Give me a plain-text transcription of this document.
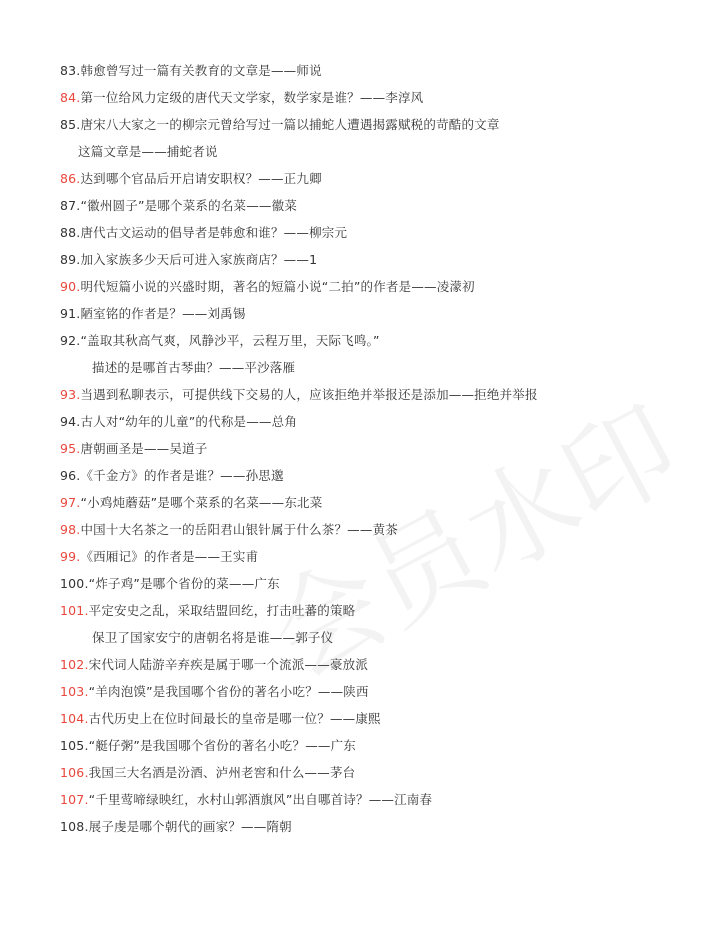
83.韩愈曾写过一篇有关教育的文章是——师说
84.第一位给风力定级的唐代天文学家，数学家是谁？——李淳风
85.唐宋八大家之一的柳宗元曾给写过一篇以捕蛇人遭遇揭露赋税的苛酷的文章
这篇文章是——捕蛇者说
86.达到哪个官品后开启请安职权？——正九卿
87.“徽州圆子”是哪个菜系的名菜——徽菜
88.唐代古文运动的倡导者是韩愈和谁？——柳宗元
89.加入家族多少天后可进入家族商店？——1
90.明代短篇小说的兴盛时期，著名的短篇小说“二拍”的作者是——凌濛初
91.陋室铭的作者是？——刘禹锡
92.“盖取其秋高气爽，风静沙平，云程万里，天际飞鸣。”
描述的是哪首古琴曲？——平沙落雁
93.当遇到私聊表示，可提供线下交易的人，应该拒绝并举报还是添加——拒绝并举报
94.古人对“幼年的儿童”的代称是——总角
95.唐朝画圣是——吴道子
96.《千金方》的作者是谁？——孙思邈
97.“小鸡炖蘑菇”是哪个菜系的名菜——东北菜
98.中国十大名茶之一的岳阳君山银针属于什么茶？——黄茶
99.《西厢记》的作者是——王实甫
100.“炸子鸡”是哪个省份的菜——广东
101.平定安史之乱，采取结盟回纥，打击吐蕃的策略
保卫了国家安宁的唐朝名将是谁——郭子仪
102.宋代词人陆游辛弃疾是属于哪一个流派——豪放派
103.“羊肉泡馍”是我国哪个省份的著名小吃？——陕西
104.古代历史上在位时间最长的皇帝是哪一位？——康熙
105.“艇仔粥”是我国哪个省份的著名小吃？——广东
106.我国三大名酒是汾酒、泸州老窖和什么——茅台
107.“千里莺啼绿映红，水村山郭酒旗风”出自哪首诗？——江南春
108.展子虔是哪个朝代的画家？——隋朝
